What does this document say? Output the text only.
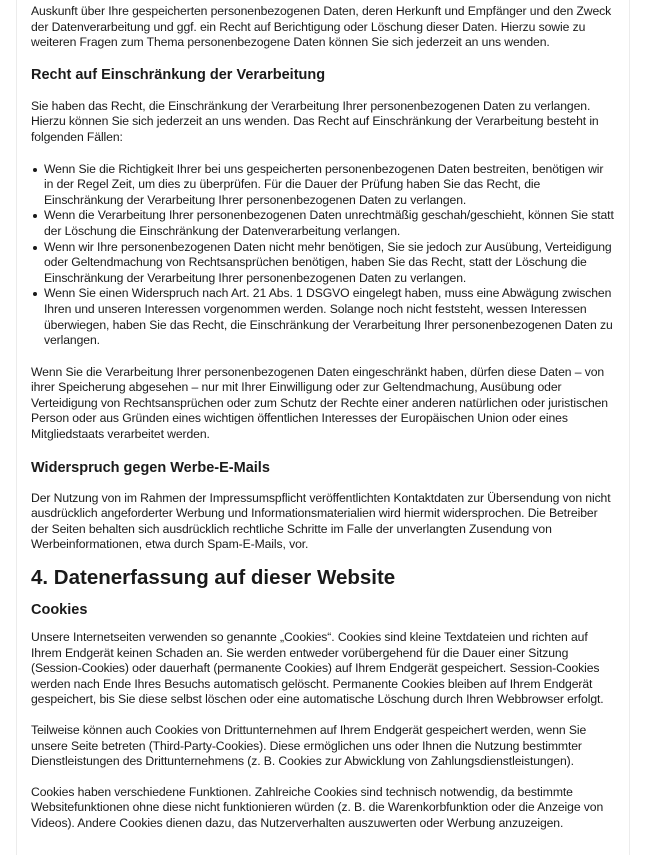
Auskunft über Ihre gespeicherten personenbezogenen Daten, deren Herkunft und Empfänger und den Zweck der Datenverarbeitung und ggf. ein Recht auf Berichtigung oder Löschung dieser Daten. Hierzu sowie zu weiteren Fragen zum Thema personenbezogene Daten können Sie sich jederzeit an uns wenden.

Recht auf Einschränkung der Verarbeitung

Sie haben das Recht, die Einschränkung der Verarbeitung Ihrer personenbezogenen Daten zu verlangen. Hierzu können Sie sich jederzeit an uns wenden. Das Recht auf Einschränkung der Verarbeitung besteht in folgenden Fällen:

Wenn Sie die Richtigkeit Ihrer bei uns gespeicherten personenbezogenen Daten bestreiten, benötigen wir in der Regel Zeit, um dies zu überprüfen. Für die Dauer der Prüfung haben Sie das Recht, die Einschränkung der Verarbeitung Ihrer personenbezogenen Daten zu verlangen.
Wenn die Verarbeitung Ihrer personenbezogenen Daten unrechtmäßig geschah/geschieht, können Sie statt der Löschung die Einschränkung der Datenverarbeitung verlangen.
Wenn wir Ihre personenbezogenen Daten nicht mehr benötigen, Sie sie jedoch zur Ausübung, Verteidigung oder Geltendmachung von Rechtsansprüchen benötigen, haben Sie das Recht, statt der Löschung die Einschränkung der Verarbeitung Ihrer personenbezogenen Daten zu verlangen.
Wenn Sie einen Widerspruch nach Art. 21 Abs. 1 DSGVO eingelegt haben, muss eine Abwägung zwischen Ihren und unseren Interessen vorgenommen werden. Solange noch nicht feststeht, wessen Interessen überwiegen, haben Sie das Recht, die Einschränkung der Verarbeitung Ihrer personenbezogenen Daten zu verlangen.

Wenn Sie die Verarbeitung Ihrer personenbezogenen Daten eingeschränkt haben, dürfen diese Daten – von ihrer Speicherung abgesehen – nur mit Ihrer Einwilligung oder zur Geltendmachung, Ausübung oder Verteidigung von Rechtsansprüchen oder zum Schutz der Rechte einer anderen natürlichen oder juristischen Person oder aus Gründen eines wichtigen öffentlichen Interesses der Europäischen Union oder eines Mitgliedstaats verarbeitet werden.

Widerspruch gegen Werbe-E-Mails

Der Nutzung von im Rahmen der Impressumspflicht veröffentlichten Kontaktdaten zur Übersendung von nicht ausdrücklich angeforderter Werbung und Informationsmaterialien wird hiermit widersprochen. Die Betreiber der Seiten behalten sich ausdrücklich rechtliche Schritte im Falle der unverlangten Zusendung von Werbeinformationen, etwa durch Spam-E-Mails, vor.

4. Datenerfassung auf dieser Website
Cookies

Unsere Internetseiten verwenden so genannte „Cookies“. Cookies sind kleine Textdateien und richten auf Ihrem Endgerät keinen Schaden an. Sie werden entweder vorübergehend für die Dauer einer Sitzung (Session-Cookies) oder dauerhaft (permanente Cookies) auf Ihrem Endgerät gespeichert. Session-Cookies werden nach Ende Ihres Besuchs automatisch gelöscht. Permanente Cookies bleiben auf Ihrem Endgerät gespeichert, bis Sie diese selbst löschen oder eine automatische Löschung durch Ihren Webbrowser erfolgt.

Teilweise können auch Cookies von Drittunternehmen auf Ihrem Endgerät gespeichert werden, wenn Sie unsere Seite betreten (Third-Party-Cookies). Diese ermöglichen uns oder Ihnen die Nutzung bestimmter Dienstleistungen des Drittunternehmens (z. B. Cookies zur Abwicklung von Zahlungsdienstleistungen).

Cookies haben verschiedene Funktionen. Zahlreiche Cookies sind technisch notwendig, da bestimmte Websitefunktionen ohne diese nicht funktionieren würden (z. B. die Warenkorbfunktion oder die Anzeige von Videos). Andere Cookies dienen dazu, das Nutzerverhalten auszuwerten oder Werbung anzuzeigen.
